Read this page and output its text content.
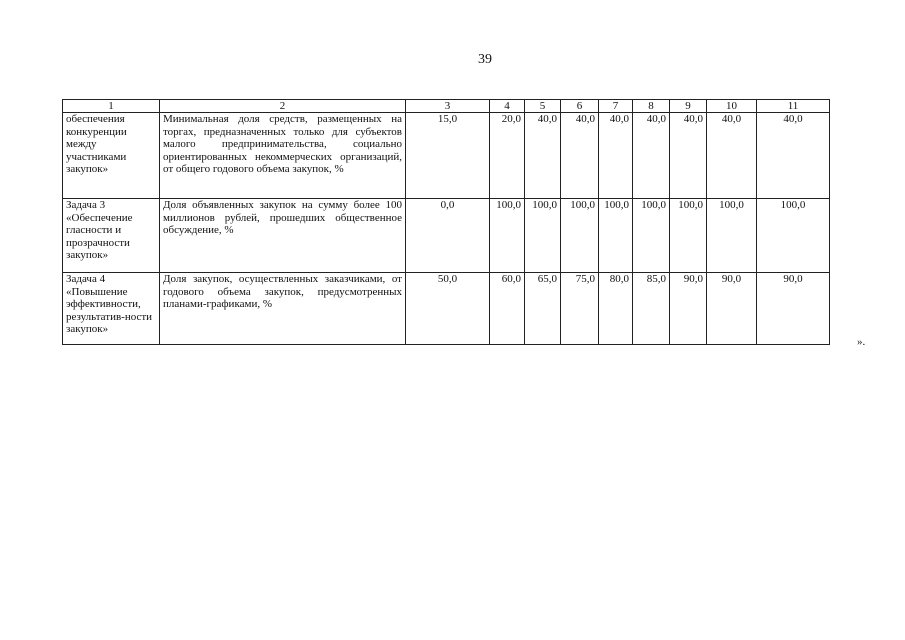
39
1	2	3	4	5	6	7	8	9	10	11
обеспечения конкуренции между участниками закупок»	Минимальная доля средств, размещенных на торгах, предназначенных только для субъектов малого предпринимательства, социально ориентированных некоммерческих организаций, от общего годового объема закупок, %	15,0	20,0	40,0	40,0	40,0	40,0	40,0	40,0	40,0
Задача 3 «Обеспечение гласности и прозрачности закупок»	Доля объявленных закупок на сумму более 100 миллионов рублей, прошедших общественное обсуждение, %	0,0	100,0	100,0	100,0	100,0	100,0	100,0	100,0	100,0
Задача 4 «Повышение эффективности, результатив-ности закупок»	Доля закупок, осуществленных заказчиками, от годового объема закупок, предусмотренных планами-графиками, %	50,0	60,0	65,0	75,0	80,0	85,0	90,0	90,0	90,0
».
